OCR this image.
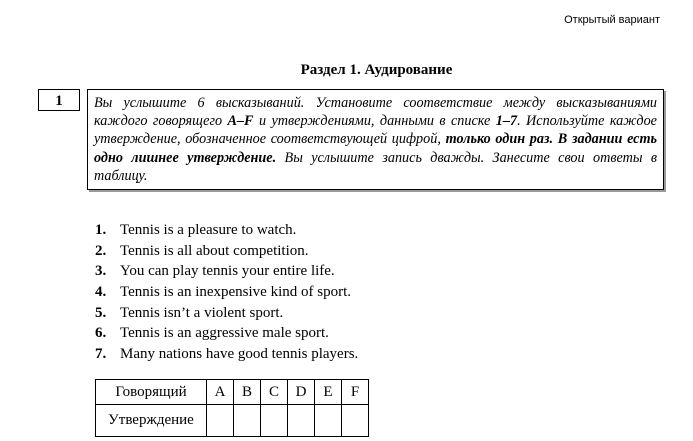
Открытый вариант
Раздел 1. Аудирование
1	Вы услышите 6 высказываний. Установите соответствие между высказываниями каждого говорящего A–F и утверждениями, данными в списке 1–7. Используйте каждое утверждение, обозначенное соответствующей цифрой, только один раз. В задании есть одно лишнее утверждение. Вы услышите запись дважды. Занесите свои ответы в таблицу.
1. Tennis is a pleasure to watch.
2. Tennis is all about competition.
3. You can play tennis your entire life.
4. Tennis is an inexpensive kind of sport.
5. Tennis isn’t a violent sport.
6. Tennis is an aggressive male sport.
7. Many nations have good tennis players.
Говорящий	A	B	C	D	E	F
Утверждение						
